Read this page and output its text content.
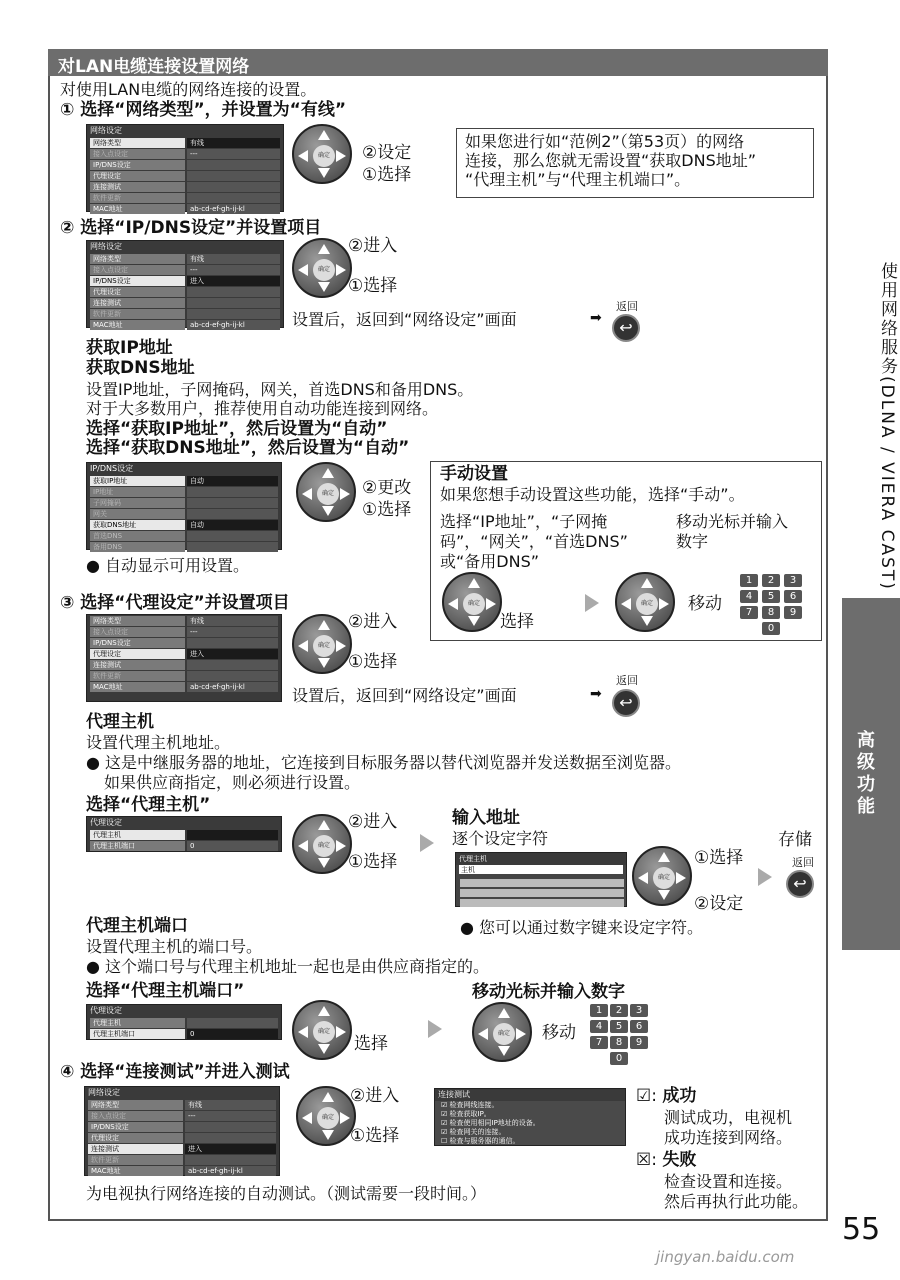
对LAN电缆连接设置网络
对使用LAN电缆的网络连接的设置。
① 选择“网络类型”，并设置为“有线”
网络设定
网络类型	有线
接入点设定	---
IP/DNS设定
代理设定
连接测试
软件更新
MAC地址	ab-cd-ef-gh-ij-kl
确定 ②设定
①选择
如果您进行如“范例2”（第53页）的网络
连接，那么您就无需设置“获取DNS地址”
“代理主机”与“代理主机端口”。
② 选择“IP/DNS设定”并设置项目
网络设定
网络类型	有线
接入点设定	---
IP/DNS设定	进入
代理设定
连接测试
软件更新
MAC地址	ab-cd-ef-gh-ij-kl
确定
②进入
①选择
设置后，返回到“网络设定”画面	➡
返回
↩
获取IP地址
获取DNS地址
设置IP地址，子网掩码，网关，首选DNS和备用DNS。
对于大多数用户，推荐使用自动功能连接到网络。
选择“获取IP地址”，然后设置为“自动”
选择“获取DNS地址”，然后设置为“自动”
IP/DNS设定
获取IP地址	自动
IP地址
子网掩码
网关
获取DNS地址	自动
首选DNS
备用DNS
确定 ②更改
①选择
● 自动显示可用设置。
手动设置
如果您想手动设置这些功能，选择“手动”。
选择“IP地址”，“子网掩
码”，“网关”，“首选DNS”
或“备用DNS”
移动光标并输入
数字
确定
选择
确定 移动
1	2	3
4	5	6
7	8	9
0
③ 选择“代理设定”并设置项目
网络类型	有线
接入点设定	---
IP/DNS设定
代理设定	进入
连接测试
软件更新
MAC地址	ab-cd-ef-gh-ij-kl
确定
②进入
①选择
设置后，返回到“网络设定”画面	➡
返回
↩
代理主机
设置代理主机地址。
● 这是中继服务器的地址，它连接到目标服务器以替代浏览器并发送数据至浏览器。
如果供应商指定，则必须进行设置。
选择“代理主机”
代理设定
代理主机
代理主机端口	0	确定
②进入
①选择
输入地址
逐个设定字符
代理主机
主机
确定
①选择
②设定
存储
返回
↩
● 您可以通过数字键来设定字符。
代理主机端口
设置代理主机的端口号。
● 这个端口号与代理主机地址一起也是由供应商指定的。
选择“代理主机端口”
代理设定
代理主机
代理主机端口	0	确定
选择
移动光标并输入数字
确定 移动
1	2	3
4	5	6
7	8	9
0
④ 选择“连接测试”并进入测试
网络设定
网络类型	有线
接入点设定	---
IP/DNS设定
代理设定
连接测试	进入
软件更新
MAC地址	ab-cd-ef-gh-ij-kl
确定
②进入
①选择
连接测试
☑ 检查网线连接。
☑ 检查获取IP。
☑ 检查使用相同IP地址的设备。
☑ 检查网关的连接。
☐ 检查与服务器的通信。
☑: 成功
测试成功，电视机
成功连接到网络。
☒: 失败
检查设置和连接。
然后再执行此功能。
为电视执行网络连接的自动测试。（测试需要一段时间。）
使用网络服务(DLNA / VIERA CAST)
高级功能
55
jingyan.baidu.com
